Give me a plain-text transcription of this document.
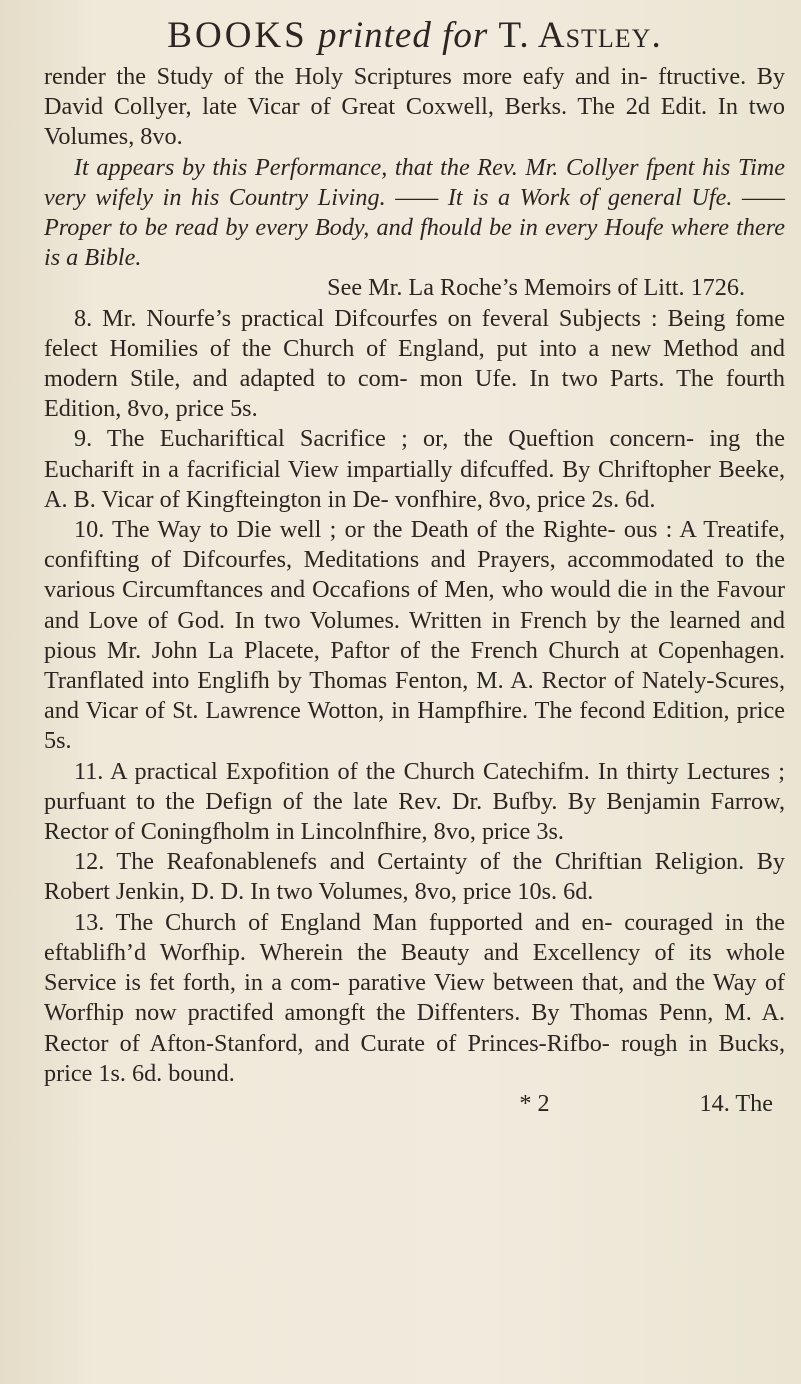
BOOKS printed for T. Astley.

render the Study of the Holy Scriptures more eafy and in- ftructive. By David Collyer, late Vicar of Great Coxwell, Berks. The 2d Edit. In two Volumes, 8vo.

It appears by this Performance, that the Rev. Mr. Collyer fpent his Time very wifely in his Country Living. —— It is a Work of general Ufe. —— Proper to be read by every Body, and fhould be in every Houfe where there is a Bible.

See Mr. La Roche’s Memoirs of Litt. 1726.

8. Mr. Nourfe’s practical Difcourfes on feveral Subjects : Being fome felect Homilies of the Church of England, put into a new Method and modern Stile, and adapted to com- mon Ufe. In two Parts. The fourth Edition, 8vo, price 5s.

9. The Euchariftical Sacrifice ; or, the Queftion concern- ing the Eucharift in a facrificial View impartially difcuffed. By Chriftopher Beeke, A. B. Vicar of Kingfteington in De- vonfhire, 8vo, price 2s. 6d.

10. The Way to Die well ; or the Death of the Righte- ous : A Treatife, confifting of Difcourfes, Meditations and Prayers, accommodated to the various Circumftances and Occafions of Men, who would die in the Favour and Love of God. In two Volumes. Written in French by the learned and pious Mr. John La Placete, Paftor of the French Church at Copenhagen. Tranflated into Englifh by Thomas Fenton, M. A. Rector of Nately-Scures, and Vicar of St. Lawrence Wotton, in Hampfhire. The fecond Edition, price 5s.

11. A practical Expofition of the Church Catechifm. In thirty Lectures ; purfuant to the Defign of the late Rev. Dr. Bufby. By Benjamin Farrow, Rector of Coningfholm in Lincolnfhire, 8vo, price 3s.

12. The Reafonablenefs and Certainty of the Chriftian Religion. By Robert Jenkin, D. D. In two Volumes, 8vo, price 10s. 6d.

13. The Church of England Man fupported and en- couraged in the eftablifh’d Worfhip. Wherein the Beauty and Excellency of its whole Service is fet forth, in a com- parative View between that, and the Way of Worfhip now practifed amongft the Diffenters. By Thomas Penn, M. A. Rector of Afton-Stanford, and Curate of Princes-Rifbo- rough in Bucks, price 1s. 6d. bound.

* 2	14. The
